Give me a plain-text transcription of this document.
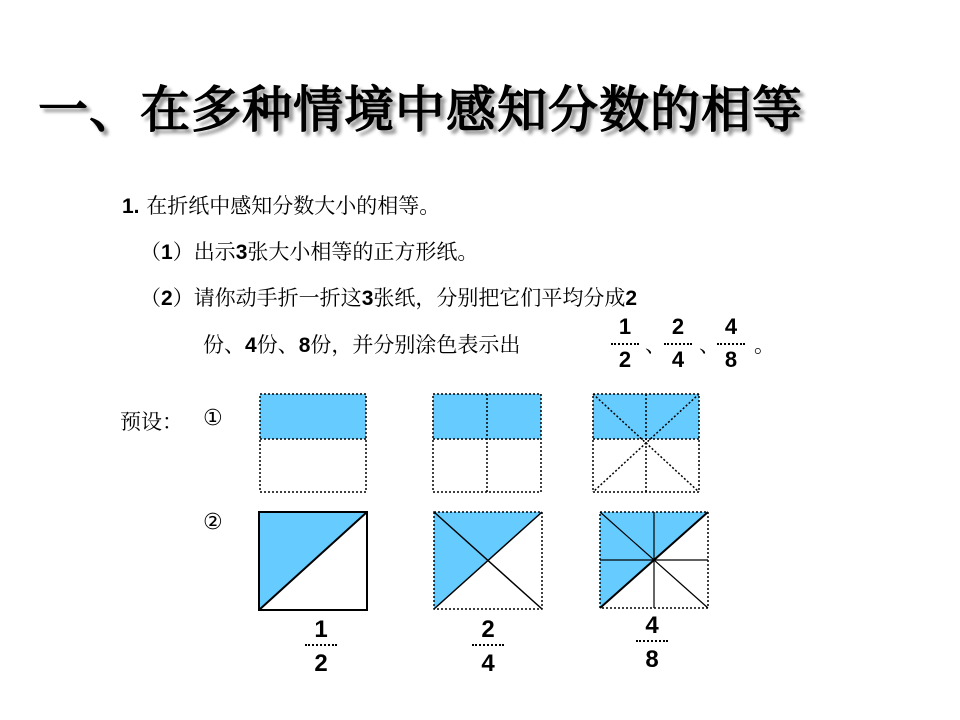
一、在多种情境中感知分数的相等
1. 在折纸中感知分数大小的相等。
（1）出示3张大小相等的正方形纸。
（2）请你动手折一折这3张纸，分别把它们平均分成2
份、4份、8份，并分别涂色表示出
1
2
、
2
4
、
4
8
。
预设： ①
②
1
2
2
4
4
8
